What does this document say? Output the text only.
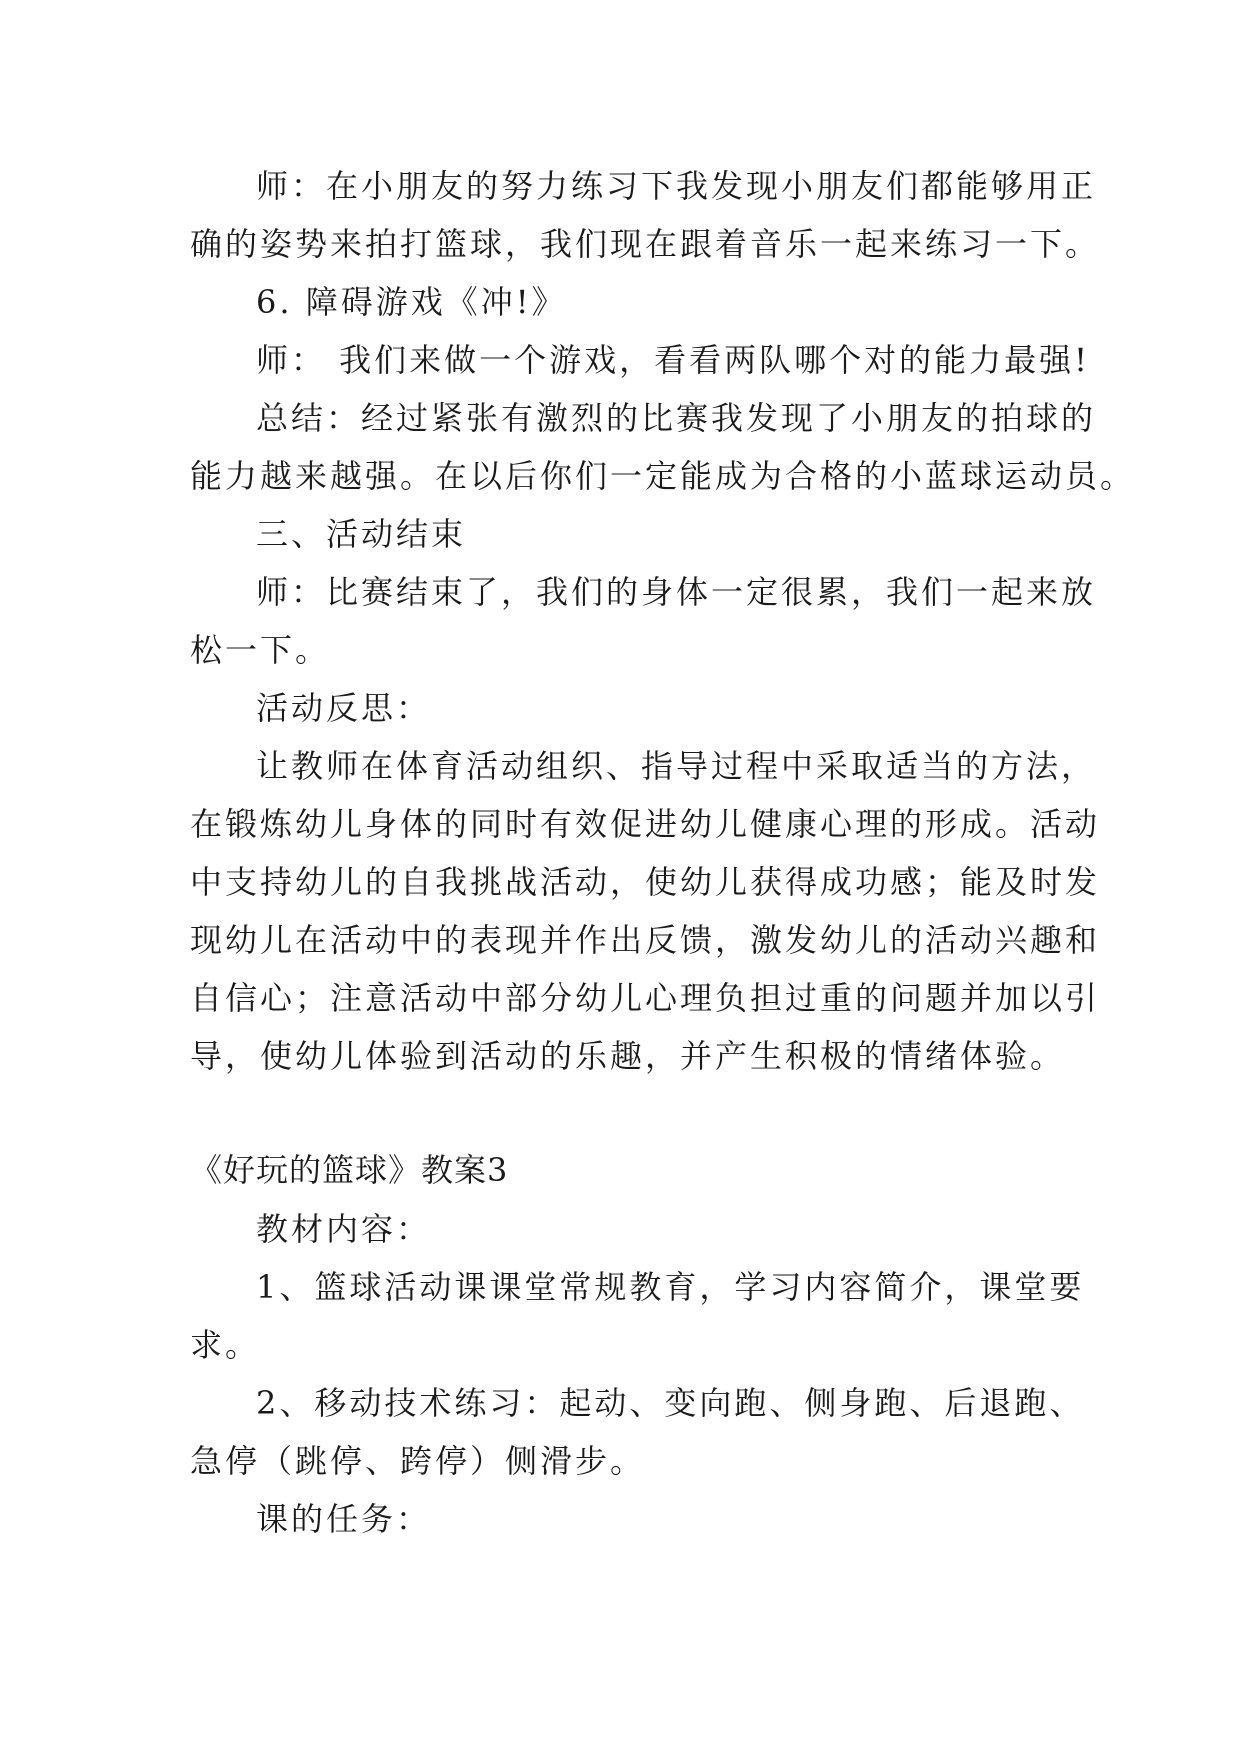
师：在小朋友的努力练习下我发现小朋友们都能够用正
确的姿势来拍打篮球，我们现在跟着音乐一起来练习一下。
6. 障碍游戏《冲!》
师： 我们来做一个游戏，看看两队哪个对的能力最强!
总结：经过紧张有激烈的比赛我发现了小朋友的拍球的
能力越来越强。在以后你们一定能成为合格的小蓝球运动员。
三、活动结束
师：比赛结束了，我们的身体一定很累，我们一起来放
松一下。
活动反思：
让教师在体育活动组织、指导过程中采取适当的方法，
在锻炼幼儿身体的同时有效促进幼儿健康心理的形成。活动
中支持幼儿的自我挑战活动，使幼儿获得成功感；能及时发
现幼儿在活动中的表现并作出反馈，激发幼儿的活动兴趣和
自信心；注意活动中部分幼儿心理负担过重的问题并加以引
导，使幼儿体验到活动的乐趣，并产生积极的情绪体验。
《好玩的篮球》教案3
教材内容：
1、篮球活动课课堂常规教育，学习内容简介，课堂要
求。
2、移动技术练习：起动、变向跑、侧身跑、后退跑、
急停（跳停、跨停）侧滑步。
课的任务：
